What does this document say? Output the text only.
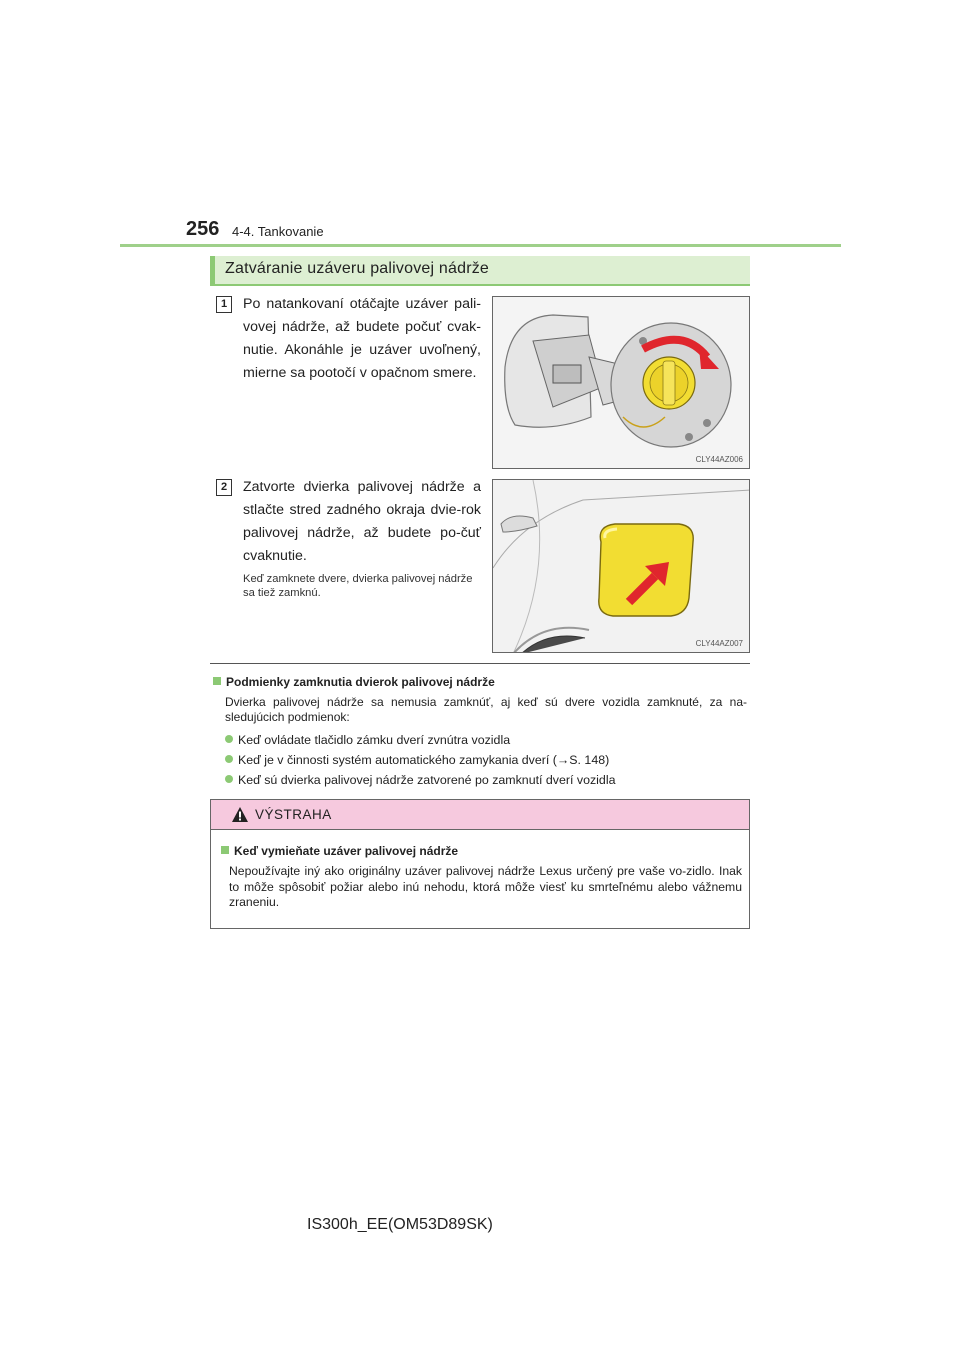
256 4-4. Tankovanie
Zatváranie uzáveru palivovej nádrže
1	Po natankovaní otáčajte uzáver pali-vovej nádrže, až budete počuť cvak-nutie. Akonáhle je uzáver uvoľnený, mierne sa pootočí v opačnom smere.
CLY44AZ006
2	Zatvorte dvierka palivovej nádrže a stlačte stred zadného okraja dvie-rok palivovej nádrže, až budete po-čuť cvaknutie.
Keď zamknete dvere, dvierka palivovej nádrže sa tiež zamknú.
CLY44AZ007
Podmienky zamknutia dvierok palivovej nádrže
Dvierka palivovej nádrže sa nemusia zamknúť, aj keď sú dvere vozidla zamknuté, za na-sledujúcich podmienok:
Keď ovládate tlačidlo zámku dverí zvnútra vozidla
Keď je v činnosti systém automatického zamykania dverí (→S. 148)
Keď sú dvierka palivovej nádrže zatvorené po zamknutí dverí vozidla
VÝSTRAHA
Keď vymieňate uzáver palivovej nádrže
Nepoužívajte iný ako originálny uzáver palivovej nádrže Lexus určený pre vaše vo-zidlo. Inak to môže spôsobiť požiar alebo inú nehodu, ktorá môže viesť ku smrteľnému alebo vážnemu zraneniu.
IS300h_EE(OM53D89SK)
